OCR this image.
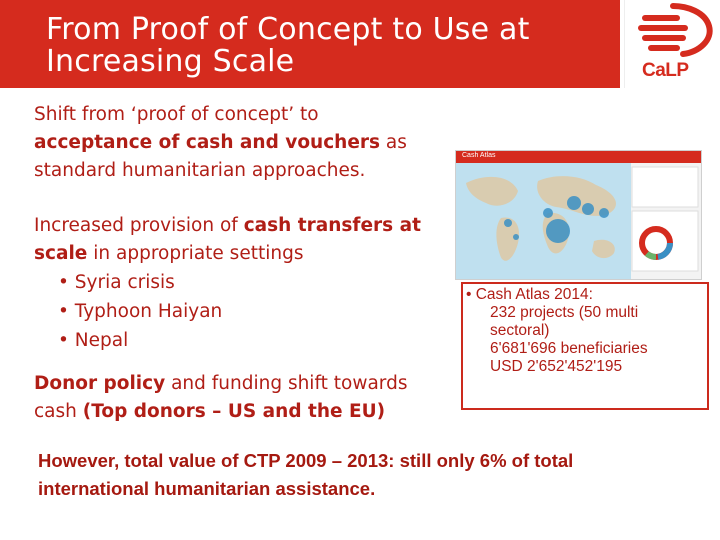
From Proof of Concept to Use at
Increasing Scale	CaLP
Shift from ‘proof of concept’ to acceptance of cash and vouchers as standard humanitarian approaches.
Increased provision of cash transfers at scale in appropriate settings
• Syria crisis
• Typhoon Haiyan
• Nepal
Donor policy and funding shift towards cash (Top donors – US and the EU)
Cash Atlas
• Cash Atlas 2014:
232 projects (50 multi
sectoral)
6'681'696 beneficiaries
USD 2'652'452'195
However, total value of CTP 2009 – 2013: still only 6% of total
international humanitarian assistance.
